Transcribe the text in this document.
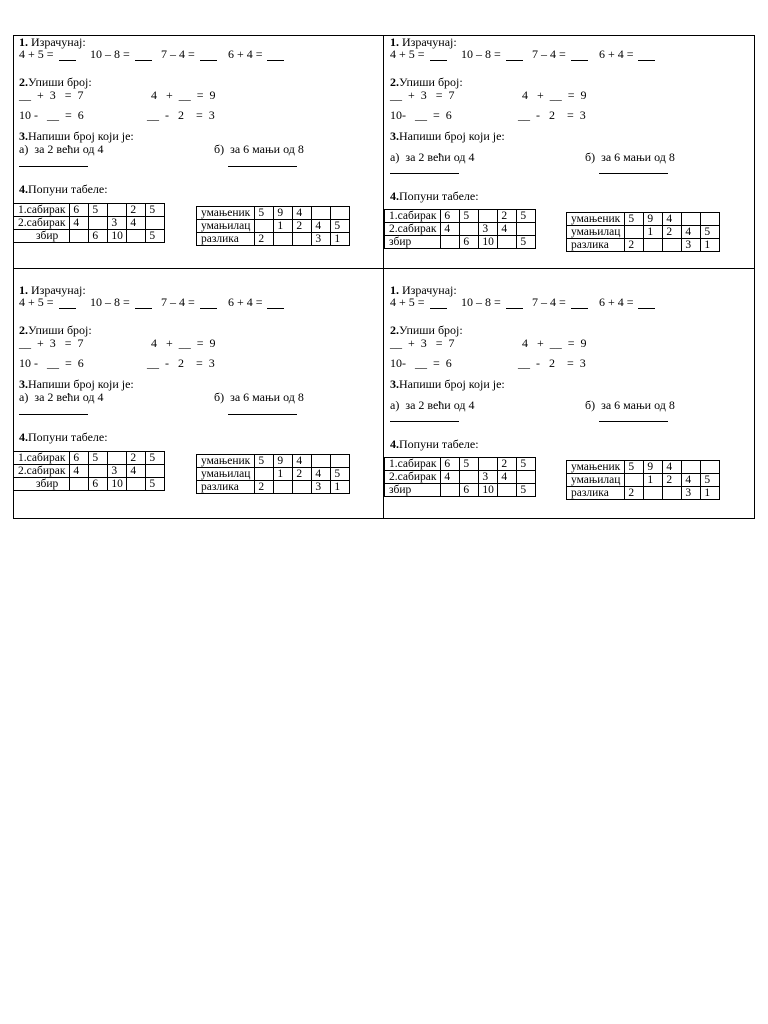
1. Израчунај:
4 + 5 =	10 – 8 =	7 – 4 =	6 + 4 =
2.Упиши број:
__  +  3   =  7	4   +  __  =  9
10 -   __  =  6	__  -   2    =  3
3.Напиши број који је:
а)  за 2 већи од 4	б)  за 6 мањи од 8
4.Попуни табеле:
1.сабирак	6	5		2	5
2.сабирак	4		3	4	
збир		6	10		5
умањеник	5	9	4		
умањилац		1	2	4	5
разлика	2			3	1
1. Израчунај:
4 + 5 =	10 – 8 =	7 – 4 =	6 + 4 =
2.Упиши број:
__  +  3   =  7	4   +  __  =  9
10-   __  =  6	__  -   2    =  3
3.Напиши број који је:
а)  за 2 већи од 4	б)  за 6 мањи од 8
4.Попуни табеле:
1.сабирак	6	5		2	5
2.сабирак	4		3	4	
збир		6	10		5
умањеник	5	9	4		
умањилац		1	2	4	5
разлика	2			3	1
1. Израчунај:
4 + 5 =	10 – 8 =	7 – 4 =	6 + 4 =
2.Упиши број:
__  +  3   =  7	4   +  __  =  9
10 -   __  =  6	__  -   2    =  3
3.Напиши број који је:
а)  за 2 већи од 4	б)  за 6 мањи од 8
4.Попуни табеле:
1.сабирак	6	5		2	5
2.сабирак	4		3	4	
збир		6	10		5
умањеник	5	9	4		
умањилац		1	2	4	5
разлика	2			3	1
1. Израчунај:
4 + 5 =	10 – 8 =	7 – 4 =	6 + 4 =
2.Упиши број:
__  +  3   =  7	4   +  __  =  9
10-   __  =  6	__  -   2    =  3
3.Напиши број који је:
а)  за 2 већи од 4	б)  за 6 мањи од 8
4.Попуни табеле:
1.сабирак	6	5		2	5
2.сабирак	4		3	4	
збир		6	10		5
умањеник	5	9	4		
умањилац		1	2	4	5
разлика	2			3	1
